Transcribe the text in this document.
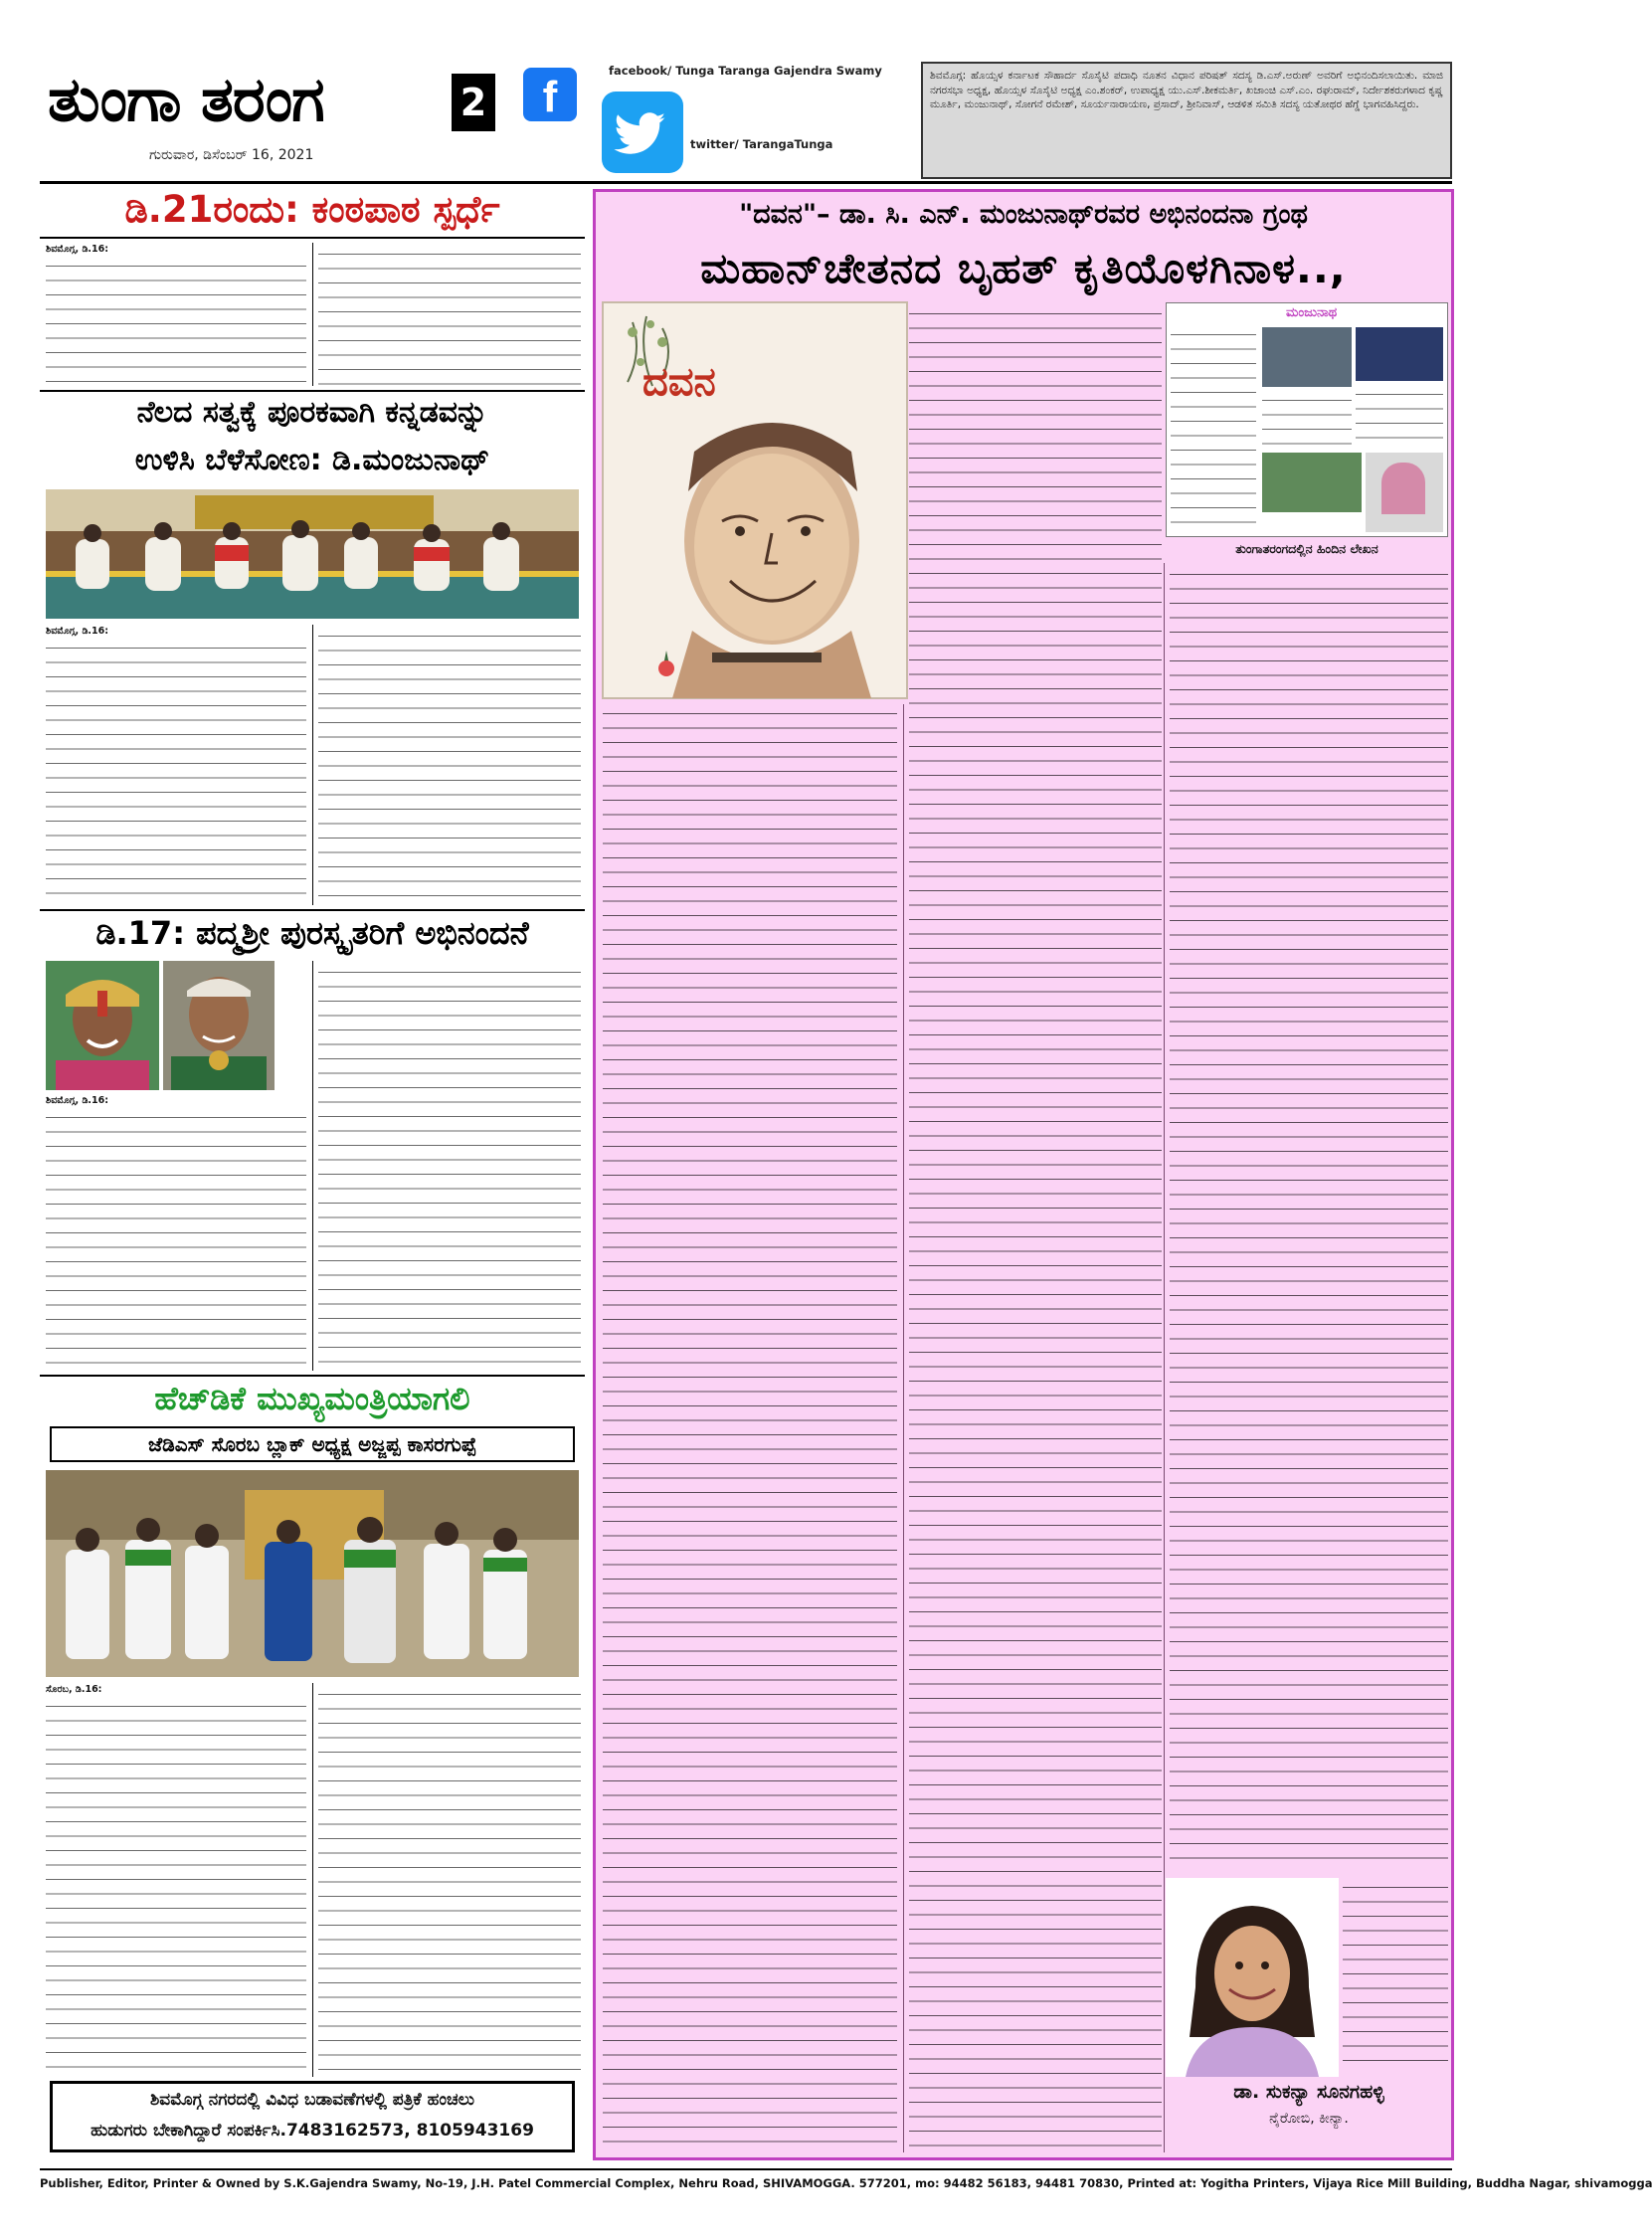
ತುಂಗಾ ತರಂಗ	2
ಗುರುವಾರ, ಡಿಸೆಂಬರ್ 16, 2021
f
facebook/ Tunga Taranga Gajendra Swamy
twitter/ TarangaTunga
ಶಿವಮೊಗ್ಗ: ಹೊಯ್ಸಳ ಕರ್ನಾಟಕ ಸೌಹಾರ್ದ ಸೊಸೈಟಿ ಪದಾಧಿ ನೂತನ ವಿಧಾನ ಪರಿಷತ್ ಸದಸ್ಯ ಡಿ.ಎಸ್.ಅರುಣ್ ಅವರಿಗೆ ಅಭಿನಂದಿಸಲಾಯಿತು. ಮಾಜಿ ನಗರಸಭಾ ಅಧ್ಯಕ್ಷ, ಹೊಯ್ಸಳ ಸೊಸೈಟಿ ಅಧ್ಯಕ್ಷ ಎಂ.ಶಂಕರ್, ಉಪಾಧ್ಯಕ್ಷ ಯು.ಎಸ್.ಶೀಕಮರ್ತಿ, ಖಜಾಂಚಿ ಎಸ್.ಎಂ. ರಘುರಾಮ್, ನಿರ್ದೇಶಕರುಗಳಾದ ಕೃಷ್ಣ ಮೂರ್ತಿ, ಮಂಜುನಾಥ್, ಸೋಗನೆ ರಮೇಶ್, ಸೂರ್ಯನಾರಾಯಣ, ಪ್ರಸಾದ್, ಶ್ರೀನಿವಾಸ್, ಆಡಳಿತ ಸಮಿತಿ ಸದಸ್ಯ ಯತೋಥರ ಹೆಗ್ಡೆ ಭಾಗವಹಿಸಿದ್ದರು.
ಡಿ.21ರಂದು: ಕಂಠಪಾಠ ಸ್ಪರ್ಧೆ
ಶಿವಮೊಗ್ಗ, ಡಿ.16:
ನೆಲದ ಸತ್ವಕ್ಕೆ ಪೂರಕವಾಗಿ ಕನ್ನಡವನ್ನು
ಉಳಿಸಿ ಬೆಳೆಸೋಣ: ಡಿ.ಮಂಜುನಾಥ್
ಶಿವಮೊಗ್ಗ, ಡಿ.16:
ಡಿ.17: ಪದ್ಮಶ್ರೀ ಪುರಸ್ಕೃತರಿಗೆ ಅಭಿನಂದನೆ
ಶಿವಮೊಗ್ಗ, ಡಿ.16:
ಹೆಚ್‌ಡಿಕೆ ಮುಖ್ಯಮಂತ್ರಿಯಾಗಲಿ
ಜೆಡಿಎಸ್ ಸೊರಬ ಬ್ಲಾಕ್ ಅಧ್ಯಕ್ಷ ಅಜ್ಜಪ್ಪ ಕಾಸರಗುಪ್ಪೆ
ಸೊರಬ, ಡಿ.16:
ಶಿವಮೊಗ್ಗ ನಗರದಲ್ಲಿ ವಿವಿಧ ಬಡಾವಣೆಗಳಲ್ಲಿ ಪತ್ರಿಕೆ ಹಂಚಲು
ಹುಡುಗರು ಬೇಕಾಗಿದ್ದಾರೆ ಸಂಪರ್ಕಿಸಿ.7483162573, 8105943169
"ದವನ"– ಡಾ. ಸಿ. ಎನ್. ಮಂಜುನಾಥ್‌ರವರ ಅಭಿನಂದನಾ ಗ್ರಂಥ
ಮಹಾನ್‌ಚೇತನದ ಬೃಹತ್ ಕೃತಿಯೊಳಗಿನಾಳ..,
ದವನ
ಮಂಜುನಾಥ
ತುಂಗಾತರಂಗದಲ್ಲಿನ ಹಿಂದಿನ ಲೇಖನ
ಡಾ. ಸುಕನ್ಯಾ ಸೂನಗಹಳ್ಳಿ
ನೈರೋಬಿ, ಕೀನ್ಯಾ.
Publisher, Editor, Printer & Owned by S.K.Gajendra Swamy, No-19, J.H. Patel Commercial Complex, Nehru Road, SHIVAMOGGA. 577201, mo: 94482 56183, 94481 70830, Printed at: Yogitha Printers, Vijaya Rice Mill Building, Buddha Nagar, shivamogga
